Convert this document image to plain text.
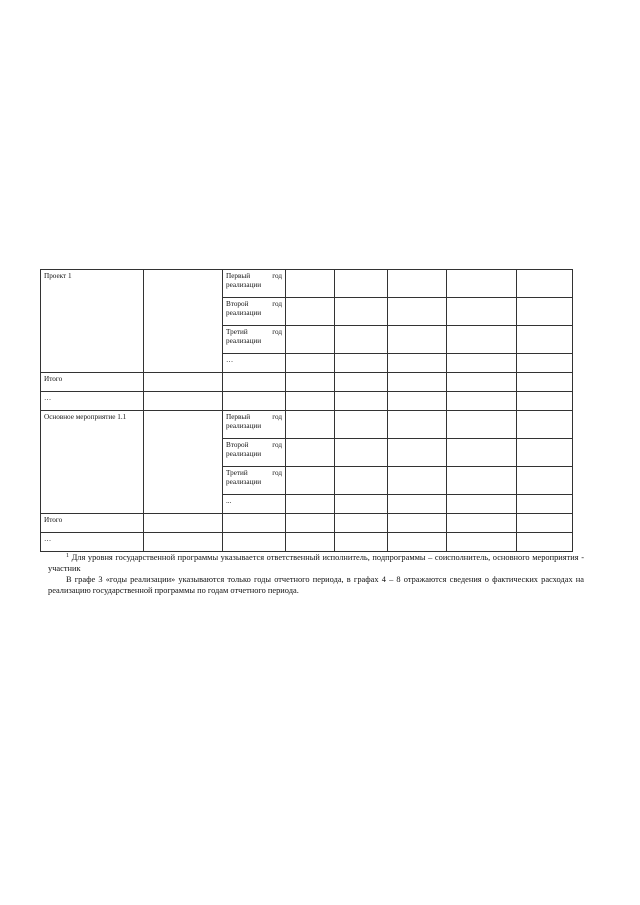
Проект 1		Первый год
реализации					

		Второй год
реализации					

		Третий год
реализации					

		…					
Итого							
…							
Основное мероприятие 1.1		Первый год
реализации					

		Второй год
реализации					

		Третий год
реализации					

		...					
Итого							
…							

$^1$ Для уровня государственной программы указывается ответственный исполнитель, подпрограммы – соисполнитель, основного мероприятия - участник

В графе 3 «годы реализации» указываются только годы отчетного периода, в графах 4 – 8 отражаются сведения о фактических расходах на реализацию государственной программы по годам отчетного периода.
